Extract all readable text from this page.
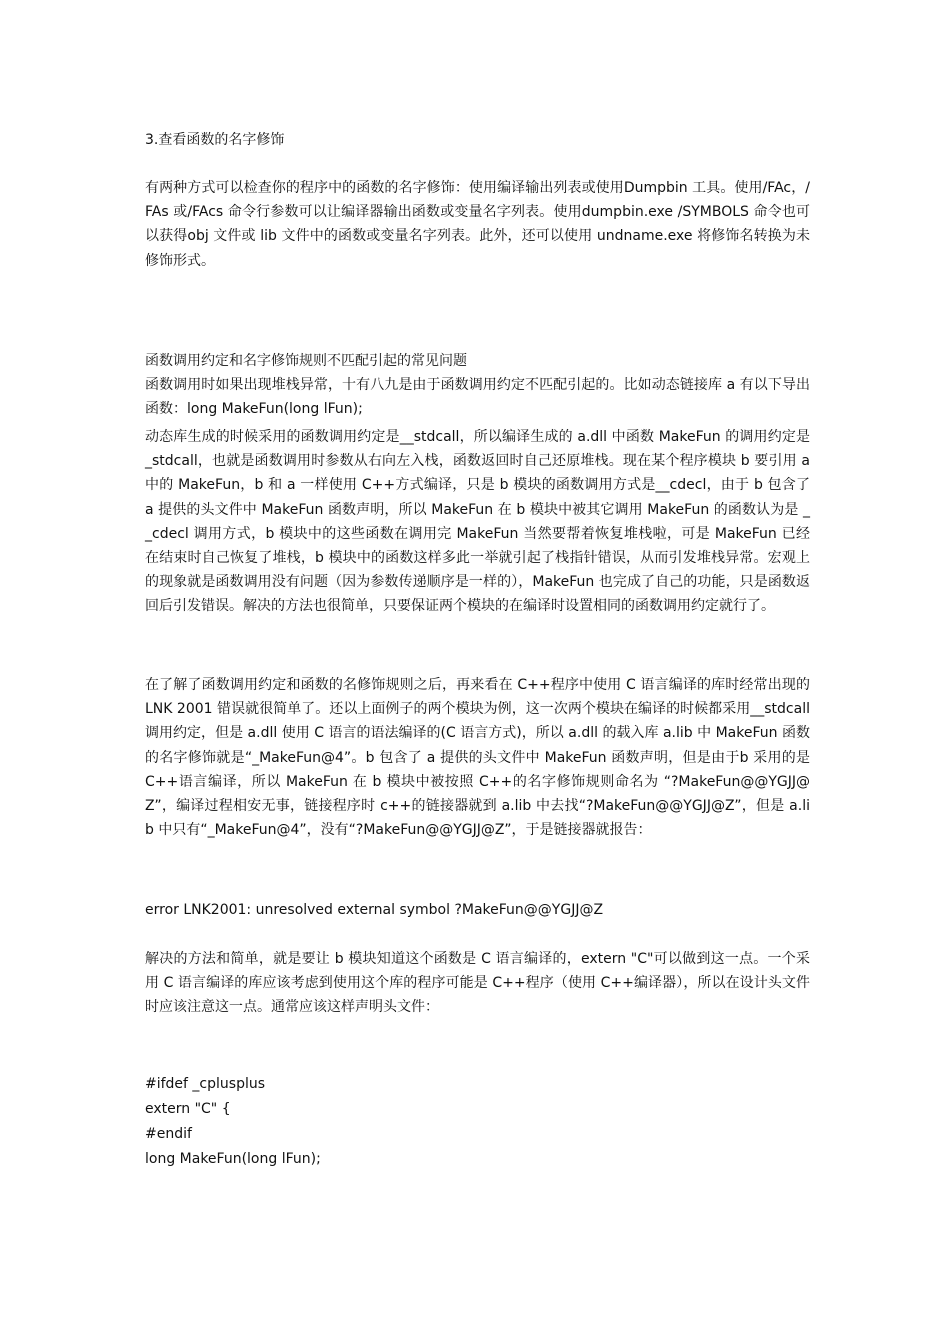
3.查看函数的名字修饰

有两种方式可以检查你的程序中的函数的名字修饰：使用编译输出列表或使用Dumpbin 工具。使用/FAc，/FAs 或/FAcs 命令行参数可以让编译器输出函数或变量名字列表。使用dumpbin.exe /SYMBOLS 命令也可以获得obj 文件或 lib 文件中的函数或变量名字列表。此外，还可以使用 undname.exe 将修饰名转换为未修饰形式。

函数调用约定和名字修饰规则不匹配引起的常见问题

函数调用时如果出现堆栈异常，十有八九是由于函数调用约定不匹配引起的。比如动态链接库 a 有以下导出函数：long MakeFun(long lFun);

动态库生成的时候采用的函数调用约定是__stdcall，所以编译生成的 a.dll 中函数 MakeFun 的调用约定是_stdcall，也就是函数调用时参数从右向左入栈，函数返回时自己还原堆栈。现在某个程序模块 b 要引用 a 中的 MakeFun，b 和 a 一样使用 C++方式编译，只是 b 模块的函数调用方式是__cdecl，由于 b 包含了 a 提供的头文件中 MakeFun 函数声明，所以 MakeFun 在 b 模块中被其它调用 MakeFun 的函数认为是 __cdecl 调用方式，b 模块中的这些函数在调用完 MakeFun 当然要帮着恢复堆栈啦，可是 MakeFun 已经在结束时自己恢复了堆栈，b 模块中的函数这样多此一举就引起了栈指针错误，从而引发堆栈异常。宏观上的现象就是函数调用没有问题（因为参数传递顺序是一样的），MakeFun 也完成了自己的功能，只是函数返回后引发错误。解决的方法也很简单，只要保证两个模块的在编译时设置相同的函数调用约定就行了。

在了解了函数调用约定和函数的名修饰规则之后，再来看在 C++程序中使用 C 语言编译的库时经常出现的 LNK 2001 错误就很简单了。还以上面例子的两个模块为例，这一次两个模块在编译的时候都采用__stdcall 调用约定，但是 a.dll 使用 C 语言的语法编译的(C 语言方式)，所以 a.dll 的载入库 a.lib 中 MakeFun 函数的名字修饰就是“_MakeFun@4”。b 包含了 a 提供的头文件中 MakeFun 函数声明，但是由于b 采用的是 C++语言编译，所以 MakeFun 在 b 模块中被按照 C++的名字修饰规则命名为 “?MakeFun@@YGJJ@Z”，编译过程相安无事，链接程序时 c++的链接器就到 a.lib 中去找“?MakeFun@@YGJJ@Z”，但是 a.lib 中只有“_MakeFun@4”，没有“?MakeFun@@YGJJ@Z”，于是链接器就报告：

error LNK2001: unresolved external symbol ?MakeFun@@YGJJ@Z

解决的方法和简单，就是要让 b 模块知道这个函数是 C 语言编译的，extern "C"可以做到这一点。一个采用 C 语言编译的库应该考虑到使用这个库的程序可能是 C++程序（使用 C++编译器），所以在设计头文件时应该注意这一点。通常应该这样声明头文件：

#ifdef _cplusplus
extern "C" {
#endif
long MakeFun(long lFun);
